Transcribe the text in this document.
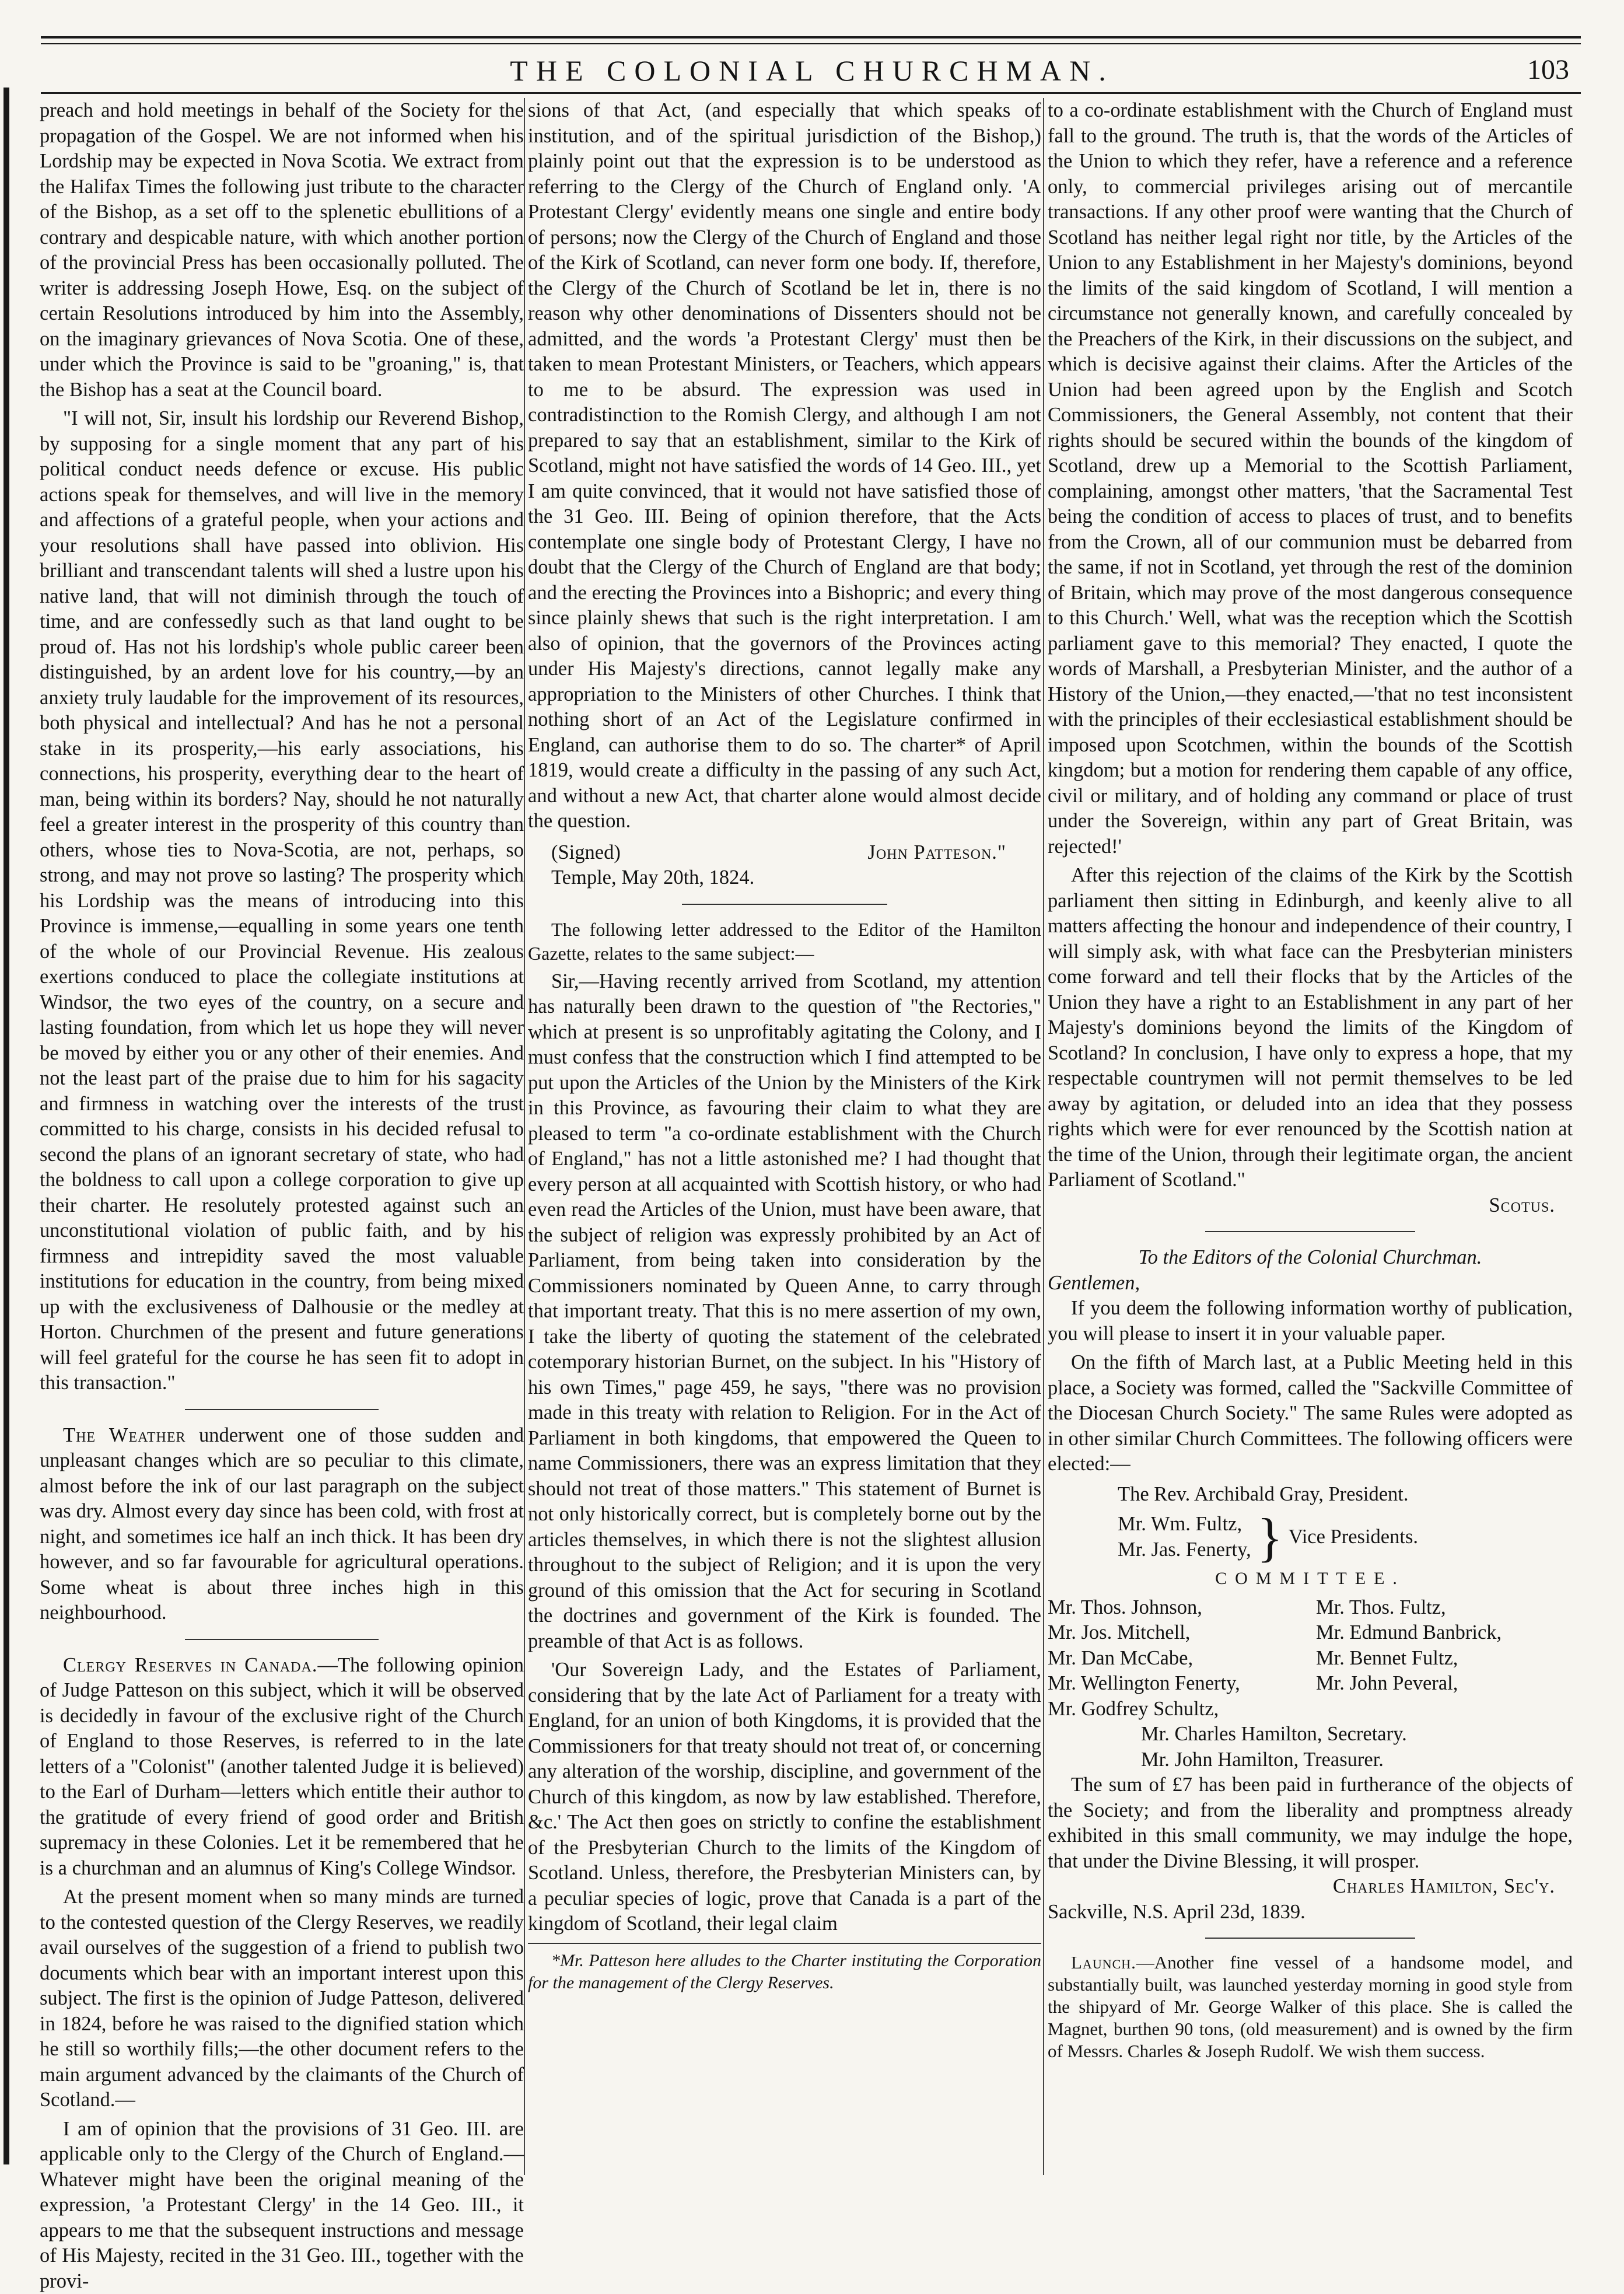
THE COLONIAL CHURCHMAN.	103

preach and hold meetings in behalf of the Society for the propagation of the Gospel. We are not informed when his Lordship may be expected in Nova Scotia. We extract from the Halifax Times the following just tribute to the character of the Bishop, as a set off to the splenetic ebullitions of a contrary and despicable nature, with which another portion of the provincial Press has been occasionally polluted. The writer is addressing Joseph Howe, Esq. on the subject of certain Resolutions introduced by him into the Assembly, on the imaginary grievances of Nova Scotia. One of these, under which the Province is said to be "groaning," is, that the Bishop has a seat at the Council board.

"I will not, Sir, insult his lordship our Reverend Bishop, by supposing for a single moment that any part of his political conduct needs defence or excuse. His public actions speak for themselves, and will live in the memory and affections of a grateful people, when your actions and your resolutions shall have passed into oblivion. His brilliant and transcendant talents will shed a lustre upon his native land, that will not diminish through the touch of time, and are confessedly such as that land ought to be proud of. Has not his lordship's whole public career been distinguished, by an ardent love for his country,—by an anxiety truly laudable for the improvement of its resources, both physical and intellectual? And has he not a personal stake in its prosperity,—his early associations, his connections, his prosperity, everything dear to the heart of man, being within its borders? Nay, should he not naturally feel a greater interest in the prosperity of this country than others, whose ties to Nova-Scotia, are not, perhaps, so strong, and may not prove so lasting? The prosperity which his Lordship was the means of introducing into this Province is immense,—equalling in some years one tenth of the whole of our Provincial Revenue. His zealous exertions conduced to place the collegiate institutions at Windsor, the two eyes of the country, on a secure and lasting foundation, from which let us hope they will never be moved by either you or any other of their enemies. And not the least part of the praise due to him for his sagacity and firmness in watching over the interests of the trust committed to his charge, consists in his decided refusal to second the plans of an ignorant secretary of state, who had the boldness to call upon a college corporation to give up their charter. He resolutely protested against such an unconstitutional violation of public faith, and by his firmness and intrepidity saved the most valuable institutions for education in the country, from being mixed up with the exclusiveness of Dalhousie or the medley at Horton. Churchmen of the present and future generations will feel grateful for the course he has seen fit to adopt in this transaction."

The Weather underwent one of those sudden and unpleasant changes which are so peculiar to this climate, almost before the ink of our last paragraph on the subject was dry. Almost every day since has been cold, with frost at night, and sometimes ice half an inch thick. It has been dry however, and so far favourable for agricultural operations. Some wheat is about three inches high in this neighbourhood.

Clergy Reserves in Canada.—The following opinion of Judge Patteson on this subject, which it will be observed is decidedly in favour of the exclusive right of the Church of England to those Reserves, is referred to in the late letters of a "Colonist" (another talented Judge it is believed) to the Earl of Durham—letters which entitle their author to the gratitude of every friend of good order and British supremacy in these Colonies. Let it be remembered that he is a churchman and an alumnus of King's College Windsor.

At the present moment when so many minds are turned to the contested question of the Clergy Reserves, we readily avail ourselves of the suggestion of a friend to publish two documents which bear with an important interest upon this subject. The first is the opinion of Judge Patteson, delivered in 1824, before he was raised to the dignified station which he still so worthily fills;—the other document refers to the main argument advanced by the claimants of the Church of Scotland.—

I am of opinion that the provisions of 31 Geo. III. are applicable only to the Clergy of the Church of England.—Whatever might have been the original meaning of the expression, 'a Protestant Clergy' in the 14 Geo. III., it appears to me that the subsequent instructions and message of His Majesty, recited in the 31 Geo. III., together with the provi-

sions of that Act, (and especially that which speaks of institution, and of the spiritual jurisdiction of the Bishop,) plainly point out that the expression is to be understood as referring to the Clergy of the Church of England only. 'A Protestant Clergy' evidently means one single and entire body of persons; now the Clergy of the Church of England and those of the Kirk of Scotland, can never form one body. If, therefore, the Clergy of the Church of Scotland be let in, there is no reason why other denominations of Dissenters should not be admitted, and the words 'a Protestant Clergy' must then be taken to mean Protestant Ministers, or Teachers, which appears to me to be absurd. The expression was used in contradistinction to the Romish Clergy, and although I am not prepared to say that an establishment, similar to the Kirk of Scotland, might not have satisfied the words of 14 Geo. III., yet I am quite convinced, that it would not have satisfied those of the 31 Geo. III. Being of opinion therefore, that the Acts contemplate one single body of Protestant Clergy, I have no doubt that the Clergy of the Church of England are that body; and the erecting the Provinces into a Bishopric; and every thing since plainly shews that such is the right interpretation. I am also of opinion, that the governors of the Provinces acting under His Majesty's directions, cannot legally make any appropriation to the Ministers of other Churches. I think that nothing short of an Act of the Legislature confirmed in England, can authorise them to do so. The charter* of April 1819, would create a difficulty in the passing of any such Act, and without a new Act, that charter alone would almost decide the question.

(Signed)	John Patteson."
Temple, May 20th, 1824.

The following letter addressed to the Editor of the Hamilton Gazette, relates to the same subject:—

Sir,—Having recently arrived from Scotland, my attention has naturally been drawn to the question of "the Rectories," which at present is so unprofitably agitating the Colony, and I must confess that the construction which I find attempted to be put upon the Articles of the Union by the Ministers of the Kirk in this Province, as favouring their claim to what they are pleased to term "a co-ordinate establishment with the Church of England," has not a little astonished me? I had thought that every person at all acquainted with Scottish history, or who had even read the Articles of the Union, must have been aware, that the subject of religion was expressly prohibited by an Act of Parliament, from being taken into consideration by the Commissioners nominated by Queen Anne, to carry through that important treaty. That this is no mere assertion of my own, I take the liberty of quoting the statement of the celebrated cotemporary historian Burnet, on the subject. In his "History of his own Times," page 459, he says, "there was no provision made in this treaty with relation to Religion. For in the Act of Parliament in both kingdoms, that empowered the Queen to name Commissioners, there was an express limitation that they should not treat of those matters." This statement of Burnet is not only historically correct, but is completely borne out by the articles themselves, in which there is not the slightest allusion throughout to the subject of Religion; and it is upon the very ground of this omission that the Act for securing in Scotland the doctrines and government of the Kirk is founded. The preamble of that Act is as follows.

'Our Sovereign Lady, and the Estates of Parliament, considering that by the late Act of Parliament for a treaty with England, for an union of both Kingdoms, it is provided that the Commissioners for that treaty should not treat of, or concerning any alteration of the worship, discipline, and government of the Church of this kingdom, as now by law established. Therefore, &c.' The Act then goes on strictly to confine the establishment of the Presbyterian Church to the limits of the Kingdom of Scotland. Unless, therefore, the Presbyterian Ministers can, by a peculiar species of logic, prove that Canada is a part of the kingdom of Scotland, their legal claim

*Mr. Patteson here alludes to the Charter instituting the Corporation for the management of the Clergy Reserves.

to a co-ordinate establishment with the Church of England must fall to the ground. The truth is, that the words of the Articles of the Union to which they refer, have a reference and a reference only, to commercial privileges arising out of mercantile transactions. If any other proof were wanting that the Church of Scotland has neither legal right nor title, by the Articles of the Union to any Establishment in her Majesty's dominions, beyond the limits of the said kingdom of Scotland, I will mention a circumstance not generally known, and carefully concealed by the Preachers of the Kirk, in their discussions on the subject, and which is decisive against their claims. After the Articles of the Union had been agreed upon by the English and Scotch Commissioners, the General Assembly, not content that their rights should be secured within the bounds of the kingdom of Scotland, drew up a Memorial to the Scottish Parliament, complaining, amongst other matters, 'that the Sacramental Test being the condition of access to places of trust, and to benefits from the Crown, all of our communion must be debarred from the same, if not in Scotland, yet through the rest of the dominion of Britain, which may prove of the most dangerous consequence to this Church.' Well, what was the reception which the Scottish parliament gave to this memorial? They enacted, I quote the words of Marshall, a Presbyterian Minister, and the author of a History of the Union,—they enacted,—'that no test inconsistent with the principles of their ecclesiastical establishment should be imposed upon Scotchmen, within the bounds of the Scottish kingdom; but a motion for rendering them capable of any office, civil or military, and of holding any command or place of trust under the Sovereign, within any part of Great Britain, was rejected!'

After this rejection of the claims of the Kirk by the Scottish parliament then sitting in Edinburgh, and keenly alive to all matters affecting the honour and independence of their country, I will simply ask, with what face can the Presbyterian ministers come forward and tell their flocks that by the Articles of the Union they have a right to an Establishment in any part of her Majesty's dominions beyond the limits of the Kingdom of Scotland? In conclusion, I have only to express a hope, that my respectable countrymen will not permit themselves to be led away by agitation, or deluded into an idea that they possess rights which were for ever renounced by the Scottish nation at the time of the Union, through their legitimate organ, the ancient Parliament of Scotland."

Scotus.
To the Editors of the Colonial Churchman.
Gentlemen,

If you deem the following information worthy of publication, you will please to insert it in your valuable paper.

On the fifth of March last, at a Public Meeting held in this place, a Society was formed, called the "Sackville Committee of the Diocesan Church Society." The same Rules were adopted as in other similar Church Committees. The following officers were elected:—

The Rev. Archibald Gray, President.
Mr. Wm. Fultz,
Mr. Jas. Fenerty, } Vice Presidents.
COMMITTEE.
Mr. Thos. Johnson,	Mr. Thos. Fultz,
Mr. Jos. Mitchell,	Mr. Edmund Banbrick,
Mr. Dan McCabe,	Mr. Bennet Fultz,
Mr. Wellington Fenerty,	Mr. John Peveral,
Mr. Godfrey Schultz,
Mr. Charles Hamilton, Secretary.
Mr. John Hamilton, Treasurer.

The sum of £7 has been paid in furtherance of the objects of the Society; and from the liberality and promptness already exhibited in this small community, we may indulge the hope, that under the Divine Blessing, it will prosper.

Charles Hamilton, Sec'y.
Sackville, N.S. April 23d, 1839.

Launch.—Another fine vessel of a handsome model, and substantially built, was launched yesterday morning in good style from the shipyard of Mr. George Walker of this place. She is called the Magnet, burthen 90 tons, (old measurement) and is owned by the firm of Messrs. Charles & Joseph Rudolf. We wish them success.
